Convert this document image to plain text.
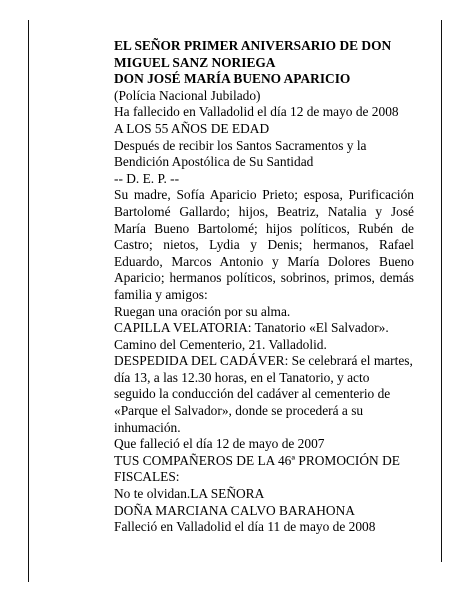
EL SEÑOR PRIMER ANIVERSARIO DE DON MIGUEL SANZ NORIEGA

DON JOSÉ MARÍA BUENO APARICIO

(Polícia Nacional Jubilado)

Ha fallecido en Valladolid el día 12 de mayo de 2008

A LOS 55 AÑOS DE EDAD

Después de recibir los Santos Sacramentos y la Bendición Apostólica de Su Santidad

-- D. E. P. --

Su madre, Sofía Aparicio Prieto; esposa, Purificación Bartolomé Gallardo; hijos, Beatriz, Natalia y José María Bueno Bartolomé; hijos políticos, Rubén de Castro; nietos, Lydia y Denis; hermanos, Rafael Eduardo, Marcos Antonio y María Dolores Bueno Aparicio; hermanos políticos, sobrinos, primos, demás familia y amigos:

Ruegan una oración por su alma.

CAPILLA VELATORIA: Tanatorio «El Salvador». Camino del Cementerio, 21. Valladolid.

DESPEDIDA DEL CADÁVER: Se celebrará el martes, día 13, a las 12.30 horas, en el Tanatorio, y acto seguido la conducción del cadáver al cementerio de «Parque el Salvador», donde se procederá a su inhumación.

Que falleció el día 12 de mayo de 2007

TUS COMPAÑEROS DE LA 46ª PROMOCIÓN DE FISCALES:

No te olvidan.LA SEÑORA

DOÑA MARCIANA CALVO BARAHONA

Falleció en Valladolid el día 11 de mayo de 2008
